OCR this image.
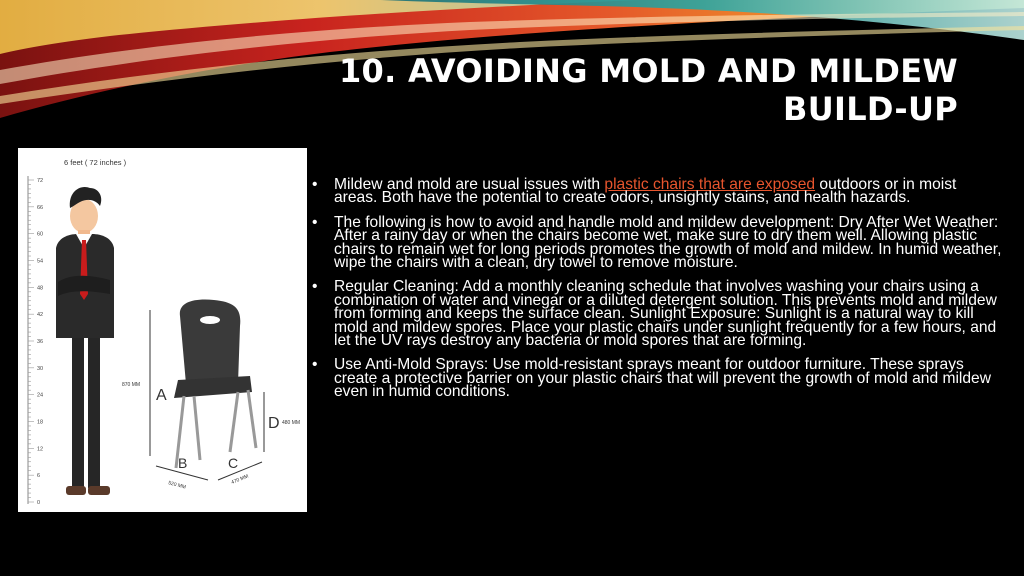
10. AVOIDING MOLD AND MILDEW
BUILD-UP
6 feet ( 72 inches )
72
66
60
54
48
42
36
30
24
18
12
6
0
A
870 MM
D 480 MM
B
520 MM
C
470 MM
• Mildew and mold are usual issues with plastic chairs that are exposed outdoors or in moist areas. Both have the potential to create odors, unsightly stains, and health hazards.
• The following is how to avoid and handle mold and mildew development: Dry After Wet Weather: After a rainy day or when the chairs become wet, make sure to dry them well. Allowing plastic chairs to remain wet for long periods promotes the growth of mold and mildew. In humid weather, wipe the chairs with a clean, dry towel to remove moisture.
• Regular Cleaning: Add a monthly cleaning schedule that involves washing your chairs using a combination of water and vinegar or a diluted detergent solution. This prevents mold and mildew from forming and keeps the surface clean. Sunlight Exposure: Sunlight is a natural way to kill mold and mildew spores. Place your plastic chairs under sunlight frequently for a few hours, and let the UV rays destroy any bacteria or mold spores that are forming.
• Use Anti-Mold Sprays: Use mold-resistant sprays meant for outdoor furniture. These sprays create a protective barrier on your plastic chairs that will prevent the growth of mold and mildew even in humid conditions.
